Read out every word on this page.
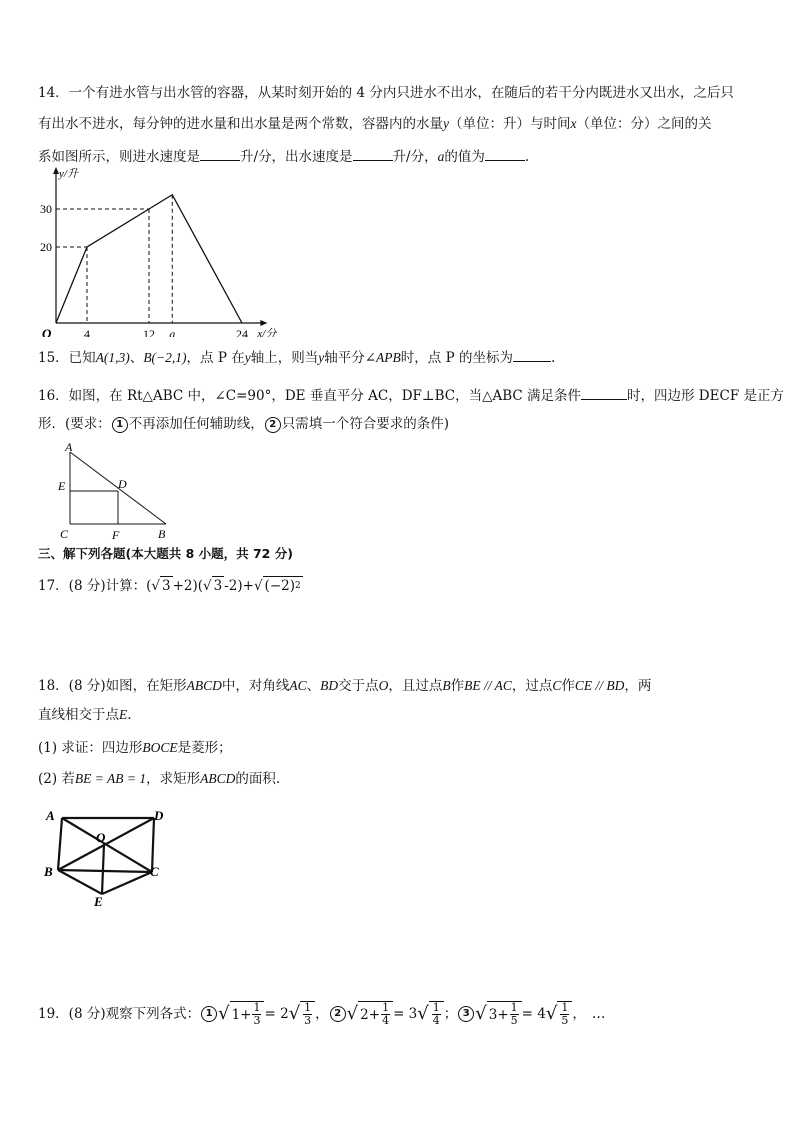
14．一个有进水管与出水管的容器，从某时刻开始的 4 分内只进水不出水，在随后的若干分内既进水又出水，之后只
有出水不进水，每分钟的进水量和出水量是两个常数，容器内的水量y（单位：升）与时间x（单位：分）之间的关
系如图所示，则进水速度是	升/分，出水速度是	升/分，a的值为	.
4	12 a	24
20
30
O
y/升
x/分
15．已知A(1,3)、B(−2,1)，点 P 在y轴上，则当y轴平分∠APB时，点 P 的坐标为	.
16．如图，在 Rt△ABC 中，∠C=90°，DE 垂直平分 AC，DF⊥BC，当△ABC 满足条件	时，四边形 DECF 是正方
形．(要求： 1 不再添加任何辅助线， 2 只需填一个符合要求的条件)
A
E	D
C	F	B
三、解下列各题(本大题共 8 小题，共 72 分)
17．(8 分)计算：( √ 3 +2)( √ 3 -2)+ √ (−2) 2
18．(8 分)如图，在矩形ABCD中，对角线AC、BD交于点O，且过点B作BE // AC，过点C作CE // BD，两
直线相交于点E.
(1) 求证：四边形BOCE是菱形；
(2) 若BE = AB = 1，求矩形ABCD的面积.
A	D
O
B	C
E
19．(8 分)观察下列各式： 1 √ $1+ \frac{1}{3} = 2$ √ $\frac{1}{3}$ ， 2 √ $2+ \frac{1}{4} = 3$ √ $\frac{1}{4}$ ； 3 √ $3+ \frac{1}{5} = 4$ √ $\frac{1}{5}$ ， …
